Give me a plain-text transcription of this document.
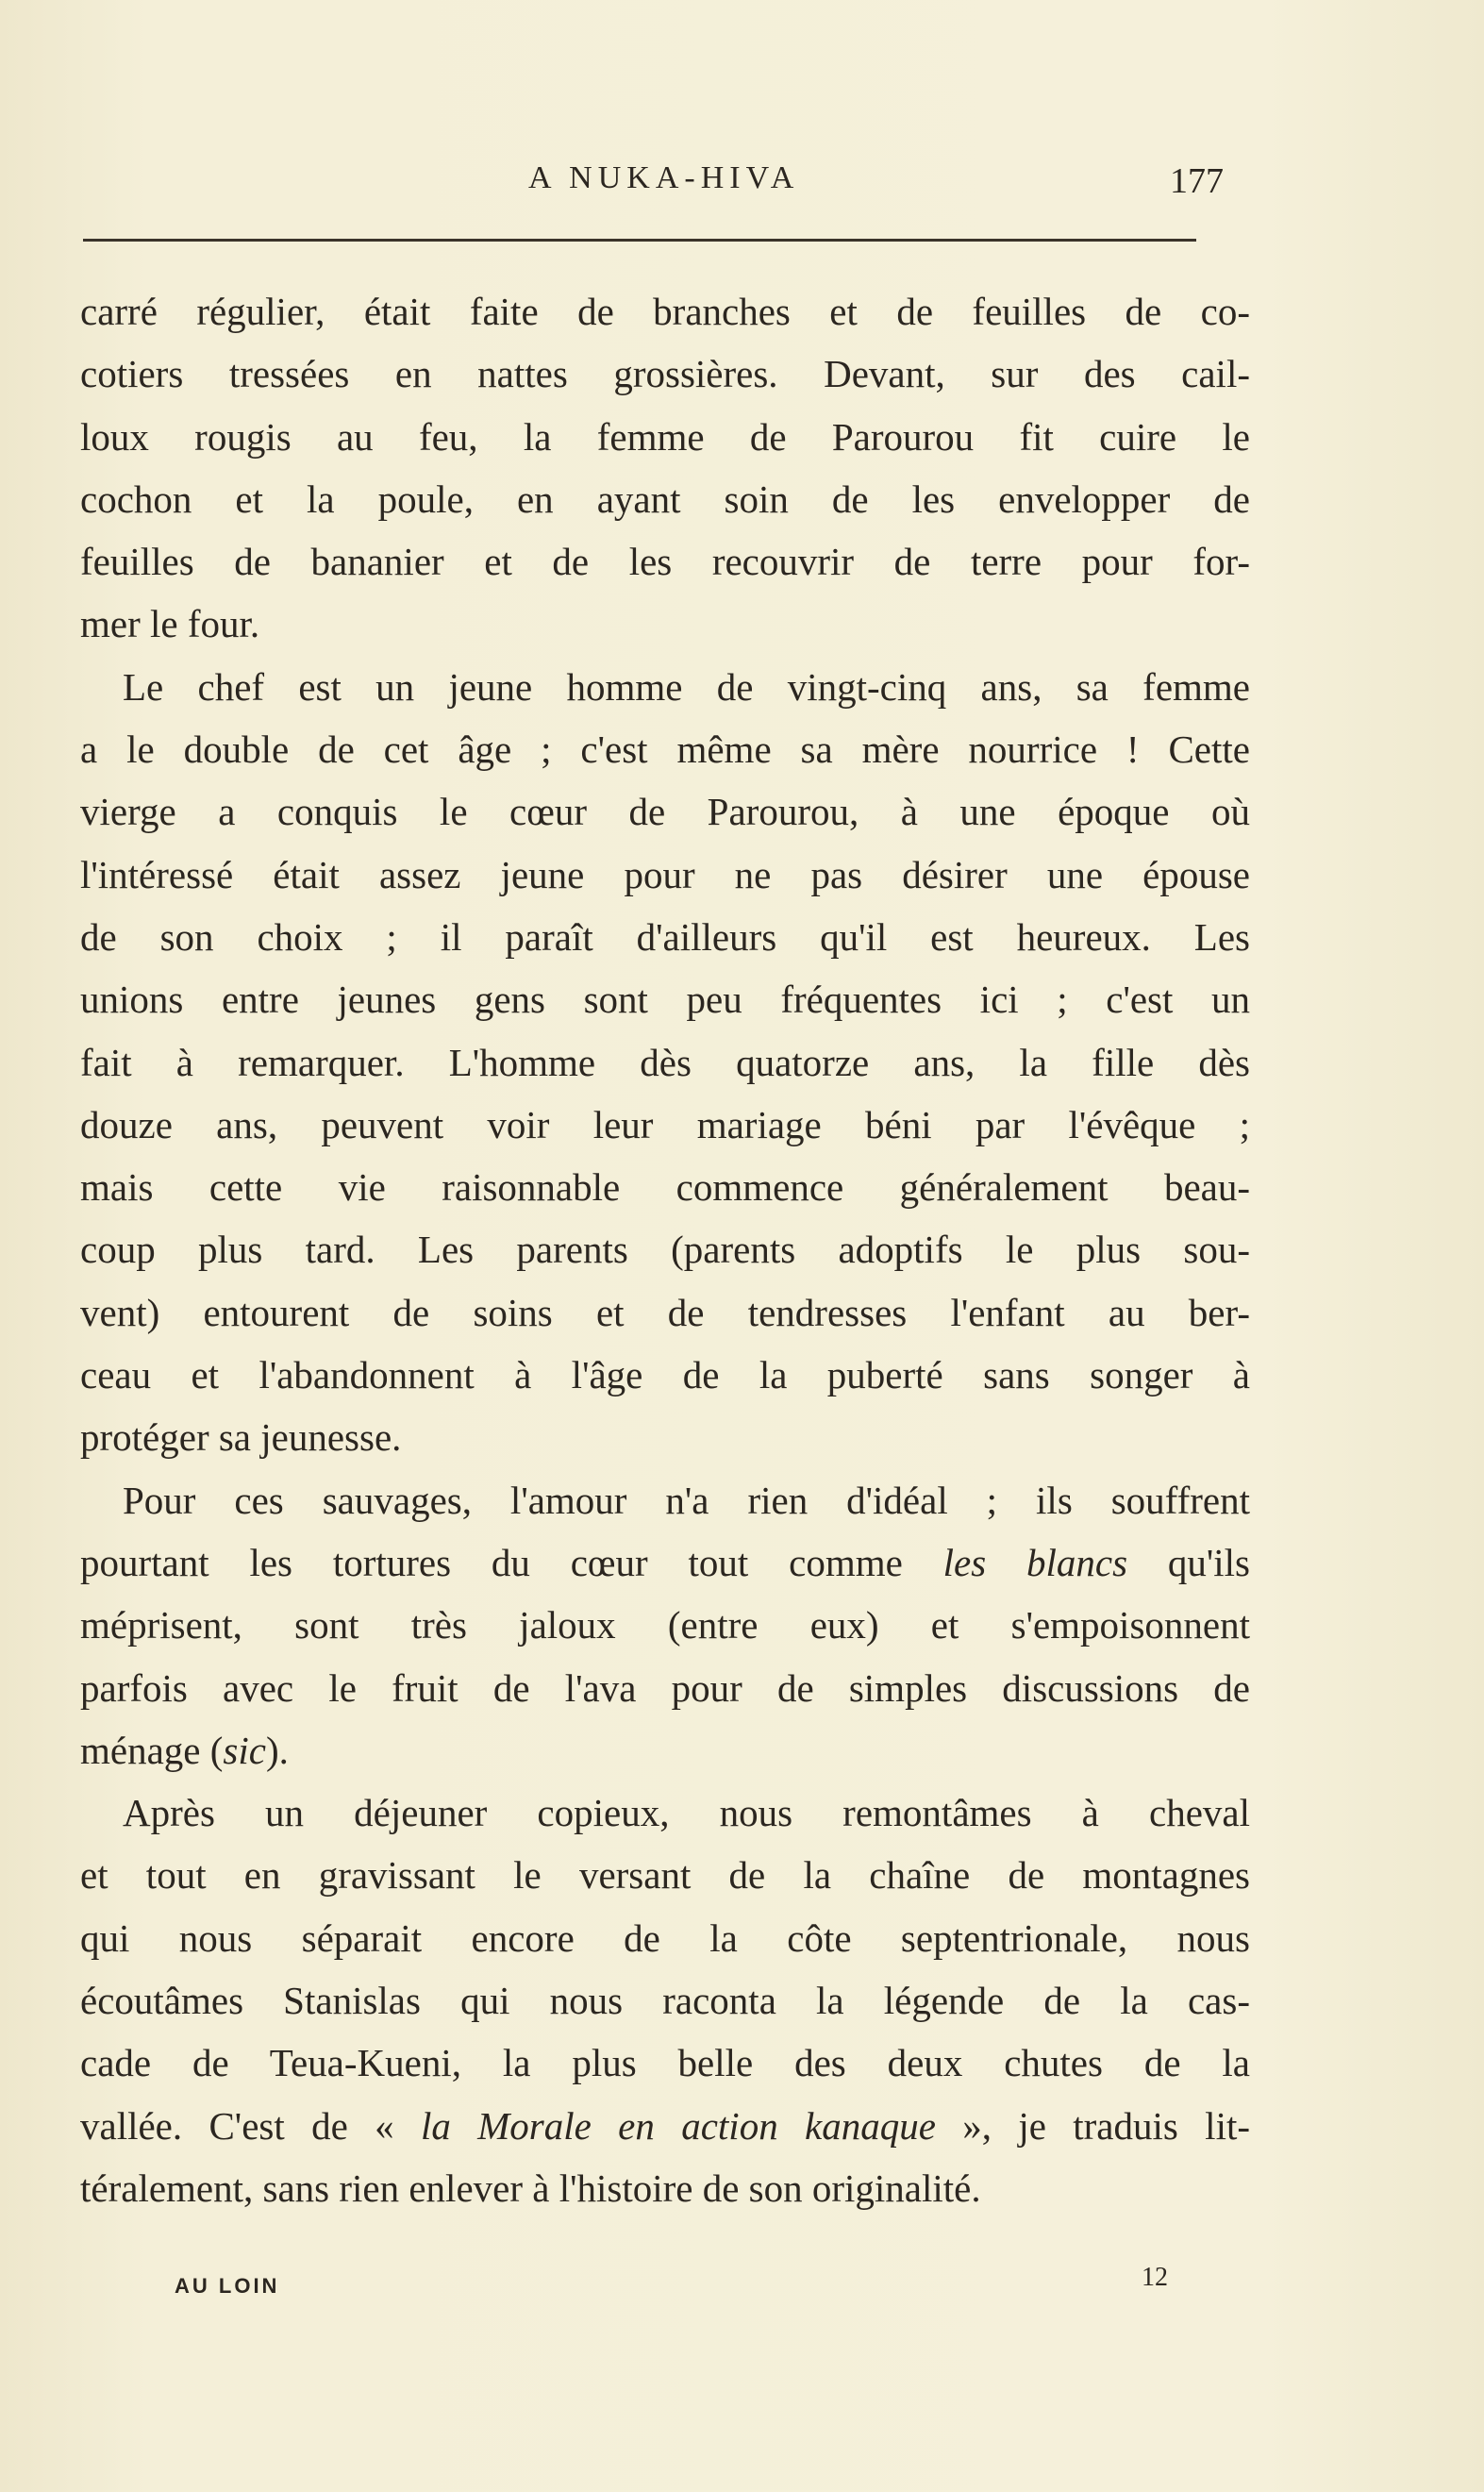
A NUKA-HIVA	177
carré régulier, était faite de branches et de feuilles de co-
cotiers tressées en nattes grossières. Devant, sur des cail-
loux rougis au feu, la femme de Parourou fit cuire le
cochon et la poule, en ayant soin de les envelopper de
feuilles de bananier et de les recouvrir de terre pour for-
mer le four.
Le chef est un jeune homme de vingt-cinq ans, sa femme
a le double de cet âge ; c'est même sa mère nourrice ! Cette
vierge a conquis le cœur de Parourou, à une époque où
l'intéressé était assez jeune pour ne pas désirer une épouse
de son choix ; il paraît d'ailleurs qu'il est heureux. Les
unions entre jeunes gens sont peu fréquentes ici ; c'est un
fait à remarquer. L'homme dès quatorze ans, la fille dès
douze ans, peuvent voir leur mariage béni par l'évêque ;
mais cette vie raisonnable commence généralement beau-
coup plus tard. Les parents (parents adoptifs le plus sou-
vent) entourent de soins et de tendresses l'enfant au ber-
ceau et l'abandonnent à l'âge de la puberté sans songer à
protéger sa jeunesse.
Pour ces sauvages, l'amour n'a rien d'idéal ; ils souffrent
pourtant les tortures du cœur tout comme les blancs qu'ils
méprisent, sont très jaloux (entre eux) et s'empoisonnent
parfois avec le fruit de l'ava pour de simples discussions de
ménage (sic).
Après un déjeuner copieux, nous remontâmes à cheval
et tout en gravissant le versant de la chaîne de montagnes
qui nous séparait encore de la côte septentrionale, nous
écoutâmes Stanislas qui nous raconta la légende de la cas-
cade de Teua-Kueni, la plus belle des deux chutes de la
vallée. C'est de « la Morale en action kanaque », je traduis lit-
téralement, sans rien enlever à l'histoire de son originalité.
AU LOIN	12
